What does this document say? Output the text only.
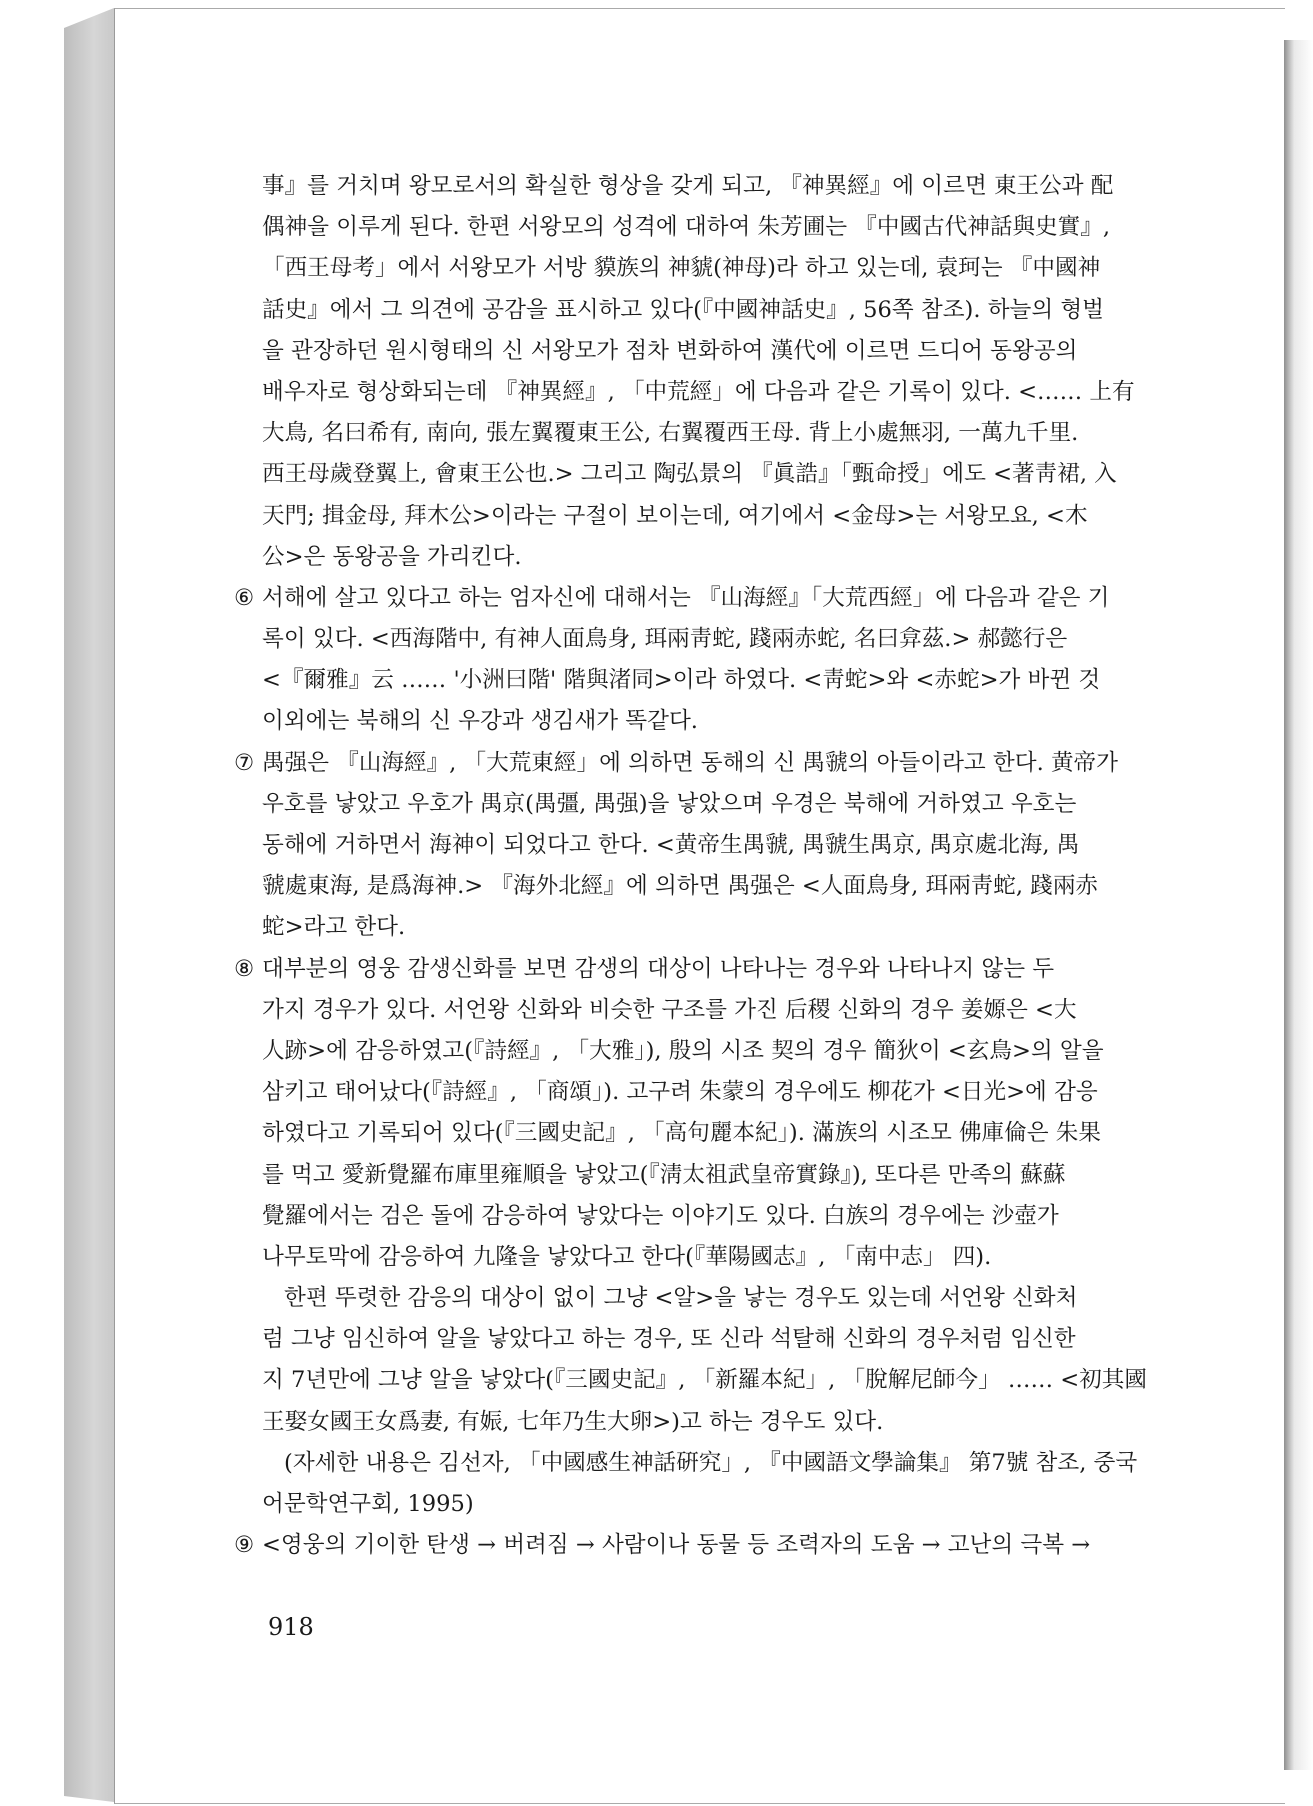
事』를 거치며 왕모로서의 확실한 형상을 갖게 되고, 『神異經』에 이르면 東王公과 配
偶神을 이루게 된다. 한편 서왕모의 성격에 대하여 朱芳圃는 『中國古代神話與史實』,
「西王母考」에서 서왕모가 서방 貘族의 神䝞(神母)라 하고 있는데, 袁珂는 『中國神
話史』에서 그 의견에 공감을 표시하고 있다(『中國神話史』, 56쪽 참조). 하늘의 형벌
을 관장하던 원시형태의 신 서왕모가 점차 변화하여 漢代에 이르면 드디어 동왕공의
배우자로 형상화되는데 『神異經』, 「中荒經」에 다음과 같은 기록이 있다. <…… 上有
大鳥, 名曰希有, 南向, 張左翼覆東王公, 右翼覆西王母. 背上小處無羽, 一萬九千里.
西王母歲登翼上, 會東王公也.> 그리고 陶弘景의 『眞誥』「甄命授」에도 <著靑裙, 入
天門; 揖金母, 拜木公>이라는 구절이 보이는데, 여기에서 <金母>는 서왕모요, <木
公>은 동왕공을 가리킨다.
⑥ 서해에 살고 있다고 하는 엄자신에 대해서는 『山海經』「大荒西經」에 다음과 같은 기
록이 있다. <西海階中, 有神人面鳥身, 珥兩靑蛇, 踐兩赤蛇, 名曰弇茲.> 郝懿行은
<『爾雅』云 …… '小洲曰階' 階與渚同>이라 하였다. <靑蛇>와 <赤蛇>가 바뀐 것
이외에는 북해의 신 우강과 생김새가 똑같다.
⑦ 禺强은 『山海經』, 「大荒東經」에 의하면 동해의 신 禺虢의 아들이라고 한다. 黄帝가
우호를 낳았고 우호가 禺京(禺彊, 禺强)을 낳았으며 우경은 북해에 거하였고 우호는
동해에 거하면서 海神이 되었다고 한다. <黄帝生禺虢, 禺虢生禺京, 禺京處北海, 禺
虢處東海, 是爲海神.> 『海外北經』에 의하면 禺强은 <人面鳥身, 珥兩靑蛇, 踐兩赤
蛇>라고 한다.
⑧ 대부분의 영웅 감생신화를 보면 감생의 대상이 나타나는 경우와 나타나지 않는 두
가지 경우가 있다. 서언왕 신화와 비슷한 구조를 가진 后稷 신화의 경우 姜嫄은 <大
人跡>에 감응하였고(『詩經』, 「大雅」), 殷의 시조 契의 경우 簡狄이 <玄鳥>의 알을
삼키고 태어났다(『詩經』, 「商頌」). 고구려 朱蒙의 경우에도 柳花가 <日光>에 감응
하였다고 기록되어 있다(『三國史記』, 「高句麗本紀」). 滿族의 시조모 佛庫倫은 朱果
를 먹고 愛新覺羅布庫里雍順을 낳았고(『淸太祖武皇帝實錄』), 또다른 만족의 蘇蘇
覺羅에서는 검은 돌에 감응하여 낳았다는 이야기도 있다. 白族의 경우에는 沙壺가
나무토막에 감응하여 九隆을 낳았다고 한다(『華陽國志』, 「南中志」 四).
한편 뚜렷한 감응의 대상이 없이 그냥 <알>을 낳는 경우도 있는데 서언왕 신화처
럼 그냥 임신하여 알을 낳았다고 하는 경우, 또 신라 석탈해 신화의 경우처럼 임신한
지 7년만에 그냥 알을 낳았다(『三國史記』, 「新羅本紀」, 「脫解尼師今」 …… <初其國
王娶女國王女爲妻, 有娠, 七年乃生大卵>)고 하는 경우도 있다.
(자세한 내용은 김선자, 「中國感生神話硏究」, 『中國語文學論集』 第7號 참조, 중국
어문학연구회, 1995)
⑨ <영웅의 기이한 탄생 → 버려짐 → 사람이나 동물 등 조력자의 도움 → 고난의 극복 →
918
